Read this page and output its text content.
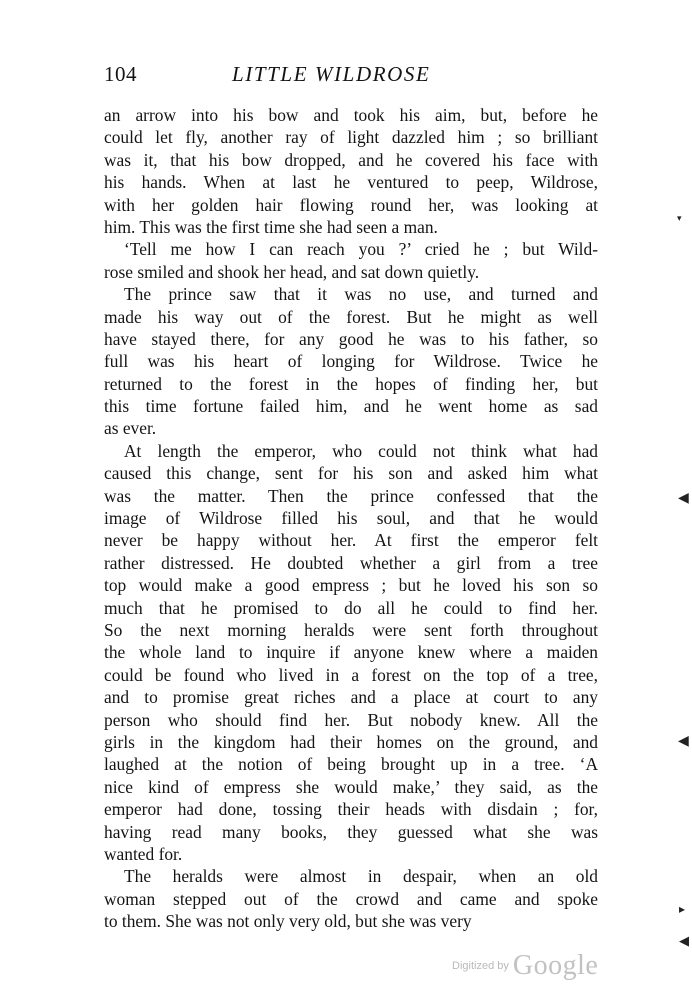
104	LITTLE WILDROSE
an arrow into his bow and took his aim, but, before he
could let fly, another ray of light dazzled him ; so brilliant
was it, that his bow dropped, and he covered his face with
his hands. When at last he ventured to peep, Wildrose,
with her golden hair flowing round her, was looking at
him. This was the first time she had seen a man.
‘Tell me how I can reach you ?’ cried he ; but Wild-
rose smiled and shook her head, and sat down quietly.
The prince saw that it was no use, and turned and
made his way out of the forest. But he might as well
have stayed there, for any good he was to his father, so
full was his heart of longing for Wildrose. Twice he
returned to the forest in the hopes of finding her, but
this time fortune failed him, and he went home as sad
as ever.
At length the emperor, who could not think what had
caused this change, sent for his son and asked him what
was the matter. Then the prince confessed that the
image of Wildrose filled his soul, and that he would
never be happy without her. At first the emperor felt
rather distressed. He doubted whether a girl from a tree
top would make a good empress ; but he loved his son so
much that he promised to do all he could to find her.
So the next morning heralds were sent forth throughout
the whole land to inquire if anyone knew where a maiden
could be found who lived in a forest on the top of a tree,
and to promise great riches and a place at court to any
person who should find her. But nobody knew. All the
girls in the kingdom had their homes on the ground, and
laughed at the notion of being brought up in a tree. ‘A
nice kind of empress she would make,’ they said, as the
emperor had done, tossing their heads with disdain ; for,
having read many books, they guessed what she was
wanted for.
The heralds were almost in despair, when an old
woman stepped out of the crowd and came and spoke
to them. She was not only very old, but she was very
▾
◀
◀
▸
◀
Digitized by Google
